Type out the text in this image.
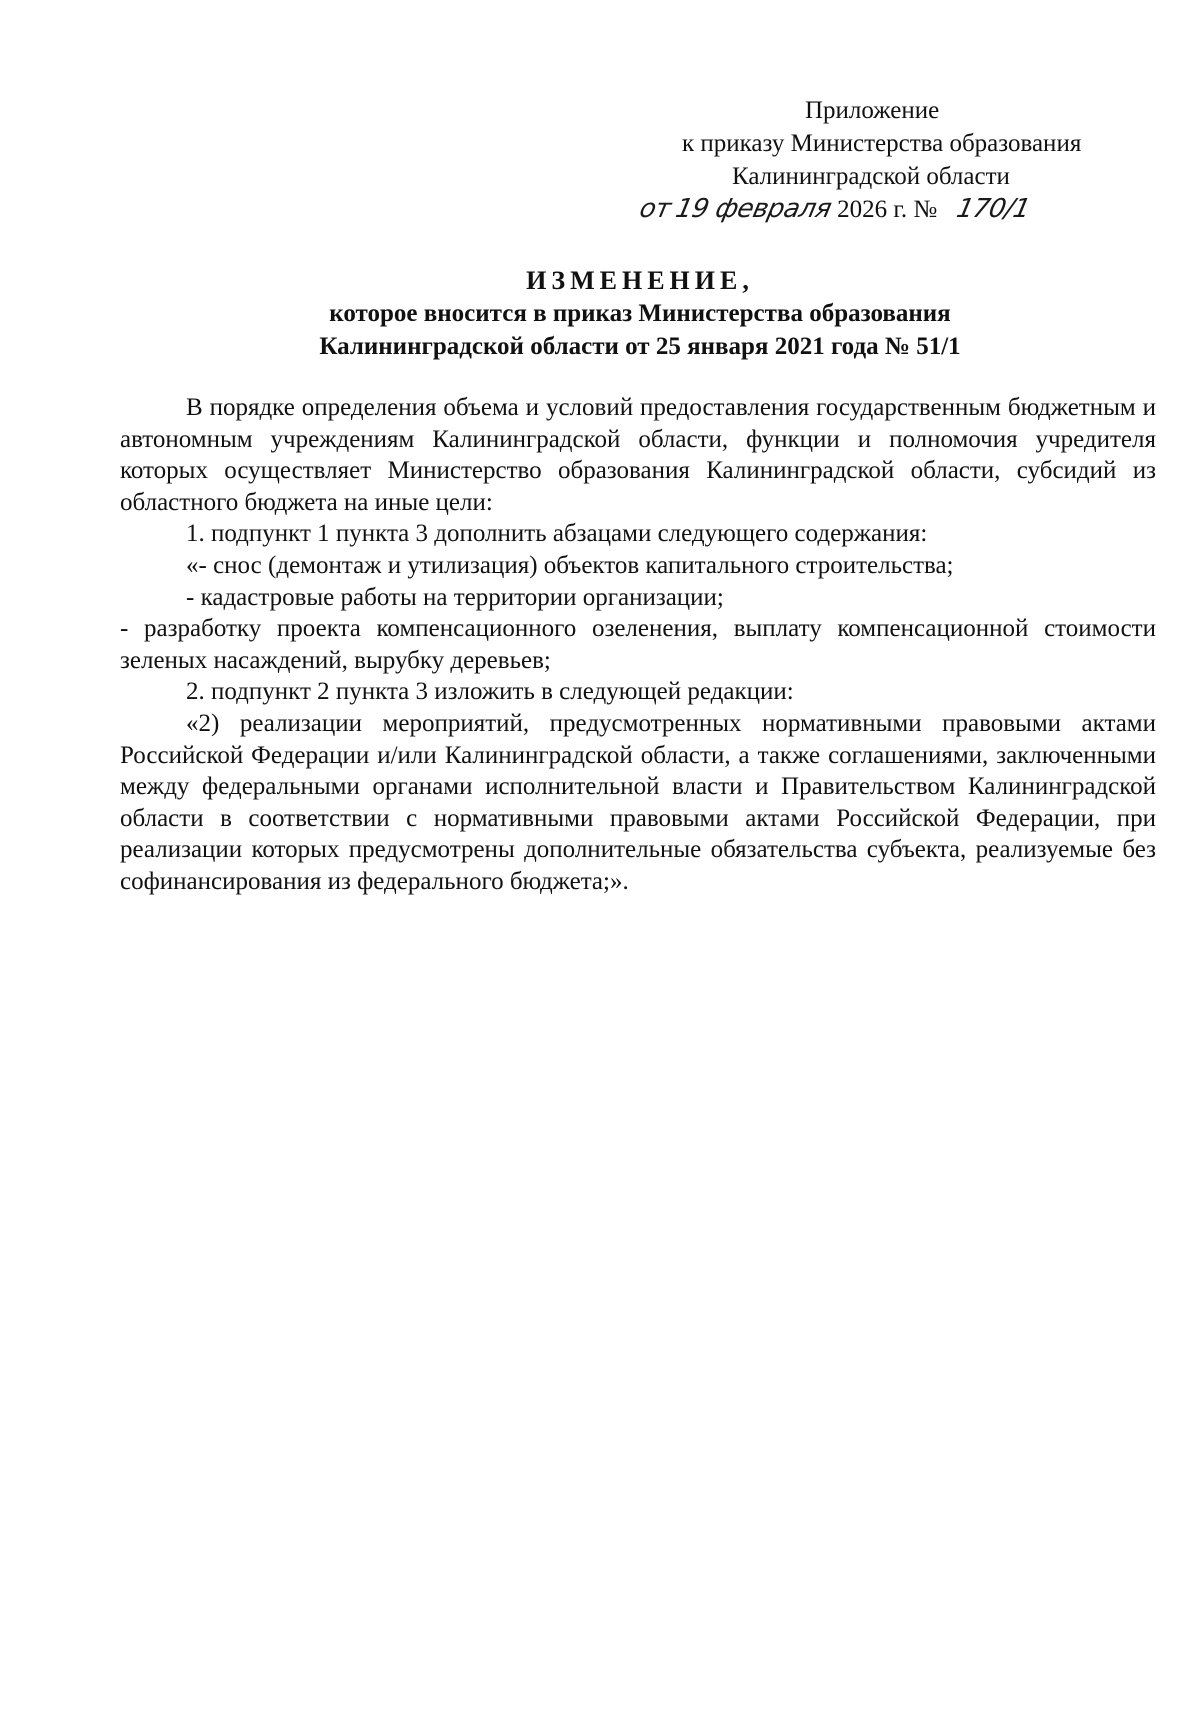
Приложение
к приказу Министерства образования
Калининградской области
от 19 февраля 2026 г. № 170/1
ИЗМЕНЕНИЕ,
которое вносится в приказ Министерства образования
Калининградской области от 25 января 2021 года № 51/1

В порядке определения объема и условий предоставления государственным бюджетным и автономным учреждениям Калининградской области, функции и полномочия учредителя которых осуществляет Министерство образования Калининградской области, субсидий из областного бюджета на иные цели:

1. подпункт 1 пункта 3 дополнить абзацами следующего содержания:

«- снос (демонтаж и утилизация) объектов капитального строительства;

- кадастровые работы на территории организации;

- разработку проекта компенсационного озеленения, выплату компенсационной стоимости зеленых насаждений, вырубку деревьев;

2. подпункт 2 пункта 3 изложить в следующей редакции:

«2) реализации мероприятий, предусмотренных нормативными правовыми актами Российской Федерации и/или Калининградской области, а также соглашениями, заключенными между федеральными органами исполнительной власти и Правительством Калининградской области в соответствии с нормативными правовыми актами Российской Федерации, при реализации которых предусмотрены дополнительные обязательства субъекта, реализуемые без софинансирования из федерального бюджета;».
